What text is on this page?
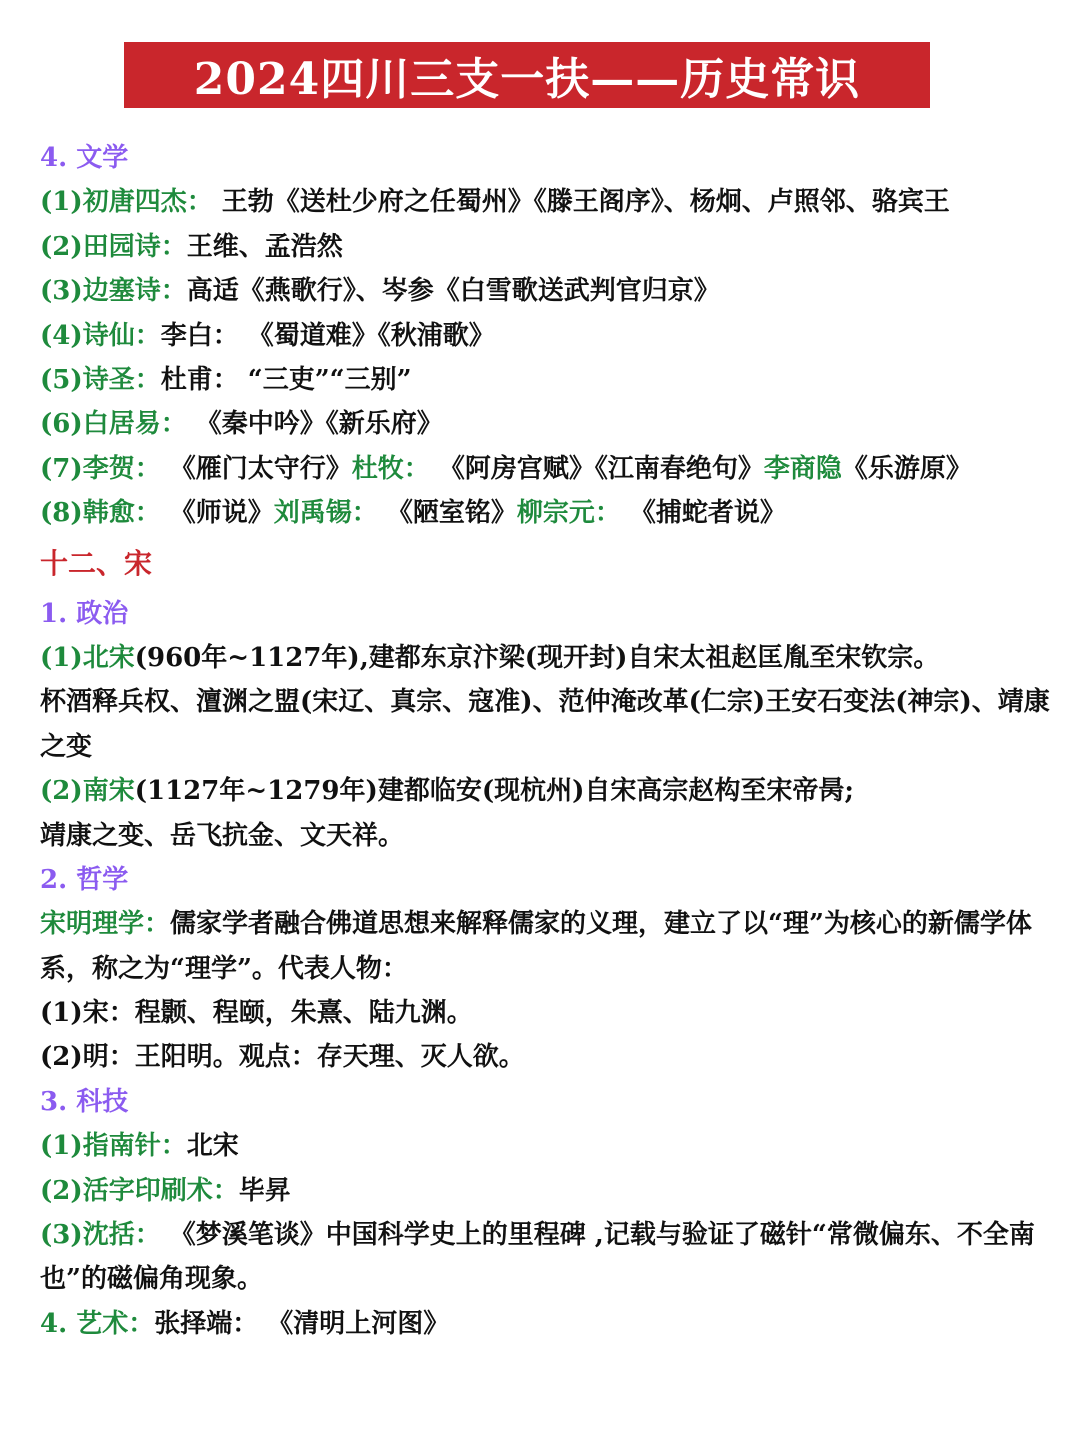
2024四川三支一扶——历史常识
4. 文学
(1)初唐四杰： 王勃《送杜少府之任蜀州》《滕王阁序》、杨炯、卢照邻、骆宾王
(2)田园诗：王维、孟浩然
(3)边塞诗：高适《燕歌行》、岑参《白雪歌送武判官归京》
(4)诗仙：李白： 《蜀道难》《秋浦歌》
(5)诗圣：杜甫： “三吏”“三别”
(6)白居易： 《秦中吟》《新乐府》
(7)李贺： 《雁门太守行》杜牧： 《阿房宫赋》《江南春绝句》李商隐《乐游原》
(8)韩愈： 《师说》刘禹锡： 《陋室铭》柳宗元： 《捕蛇者说》
十二、宋
1. 政治
(1)北宋(960年~1127年),建都东京汴梁(现开封)自宋太祖赵匡胤至宋钦宗。
杯酒释兵权、澶渊之盟(宋辽、真宗、寇准)、范仲淹改革(仁宗)王安石变法(神宗)、靖康之变
(2)南宋(1127年~1279年)建都临安(现杭州)自宋高宗赵构至宋帝昺;
靖康之变、岳飞抗金、文天祥。
2. 哲学
宋明理学：儒家学者融合佛道思想来解释儒家的义理，建立了以“理”为核心的新儒学体系，称之为“理学”。代表人物：
(1)宋：程颢、程颐，朱熹、陆九渊。
(2)明：王阳明。观点：存天理、灭人欲。
3. 科技
(1)指南针：北宋
(2)活字印刷术：毕昇
(3)沈括： 《梦溪笔谈》中国科学史上的里程碑 ,记载与验证了磁针“常微偏东、不全南也”的磁偏角现象。
4. 艺术：张择端： 《清明上河图》
